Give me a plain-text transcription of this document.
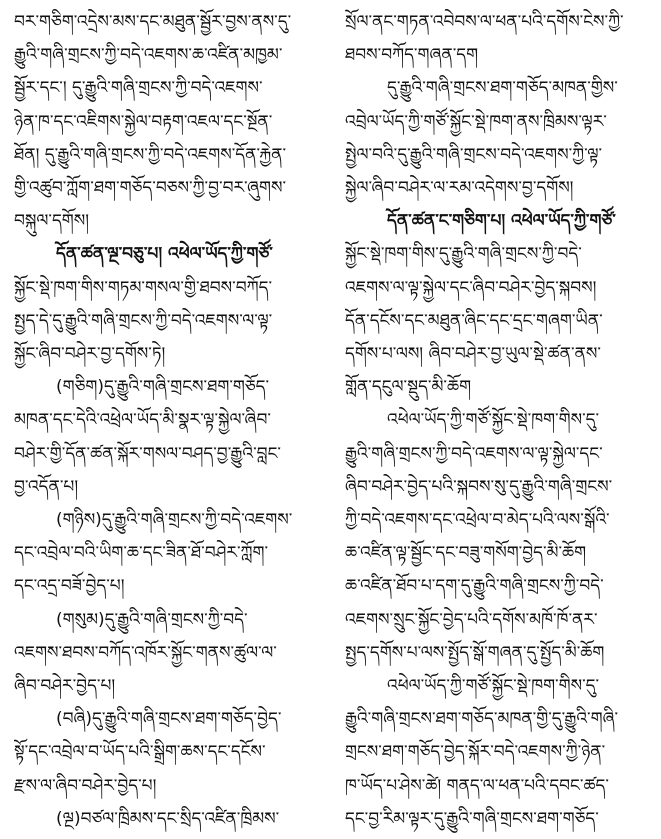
བར་གཅིག་འདྲེས་མས་དང་མཐུན་སྦྱོར་བྱས་ནས་དུ་
རྒྱུའི་གཞི་གྲངས་ཀྱི་བདེ་འཇགས་ཆ་འཛིན་མཁྱམ་
སྦྱོར་དང་། དུ་རྒྱུའི་གཞི་གྲངས་ཀྱི་བདེ་འཇགས་
ཉེན་ཁ་དང་འཇིགས་སྐྱེལ་བརྟག་འཇལ་དང་སྔོན་
ཐོན། དུ་རྒྱུའི་གཞི་གྲངས་ཀྱི་བདེ་འཇགས་དོན་རྐྱེན་
གྱི་འཚུབ་ཀློག་ཐག་གཅོད་བཅས་ཀྱི་བྱ་བར་ཞུགས་
བསྐུལ་དགོས།
དོན་ཚན་ལྔ་བཅུ་པ། འཕེལ་ཡོད་ཀྱི་གཙོ་
སྐྱོང་སྡེ་ཁག་གིས་གཏམ་གསལ་གྱི་ཐབས་བཀོད་
སྤྱད་དེ་དུ་རྒྱུའི་གཞི་གྲངས་ཀྱི་བདེ་འཇགས་ལ་ལྟ་
སྐྱོང་ཞིབ་བཤེར་བྱ་དགོས་ཏེ།
(གཅིག)དུ་རྒྱུའི་གཞི་གྲངས་ཐག་གཅོད་
མཁན་དང་དེའི་འཕྲེལ་ཡོད་མི་སྣར་ལྟ་སྐྱེལ་ཞིབ་
བཤེར་གྱི་དོན་ཚན་སྐོར་གསལ་བཤད་བྱ་རྒྱུའི་བླང་
བྱ་འདོན་པ།
(གཉིས)དུ་རྒྱུའི་གཞི་གྲངས་ཀྱི་བདེ་འཇགས་
དང་འབྲེལ་བའི་ཡིག་ཆ་དང་ཟིན་ཐོ་བཤེར་ཀློག་
དང་འདྲ་བཟོ་བྱེད་པ།
(གསུམ)དུ་རྒྱུའི་གཞི་གྲངས་ཀྱི་བདེ་
འཇགས་ཐབས་བཀོད་འཁོར་སྐྱོང་གནས་ཚུལ་ལ་
ཞིབ་བཤེར་བྱེད་པ།
(བཞི)དུ་རྒྱུའི་གཞི་གྲངས་ཐག་གཅོད་བྱེད་
སྟོ་དང་འབྲེལ་བ་ཡོད་པའི་སྒྲིག་ཆས་དང་དངོས་
རྫས་ལ་ཞིབ་བཤེར་བྱེད་པ།
(ལྔ)བཙལ་ཁྲིམས་དང་སྲིད་འཛིན་ཁྲིམས་
སྲོལ་ནང་གཏན་འབེབས་ལ་ཕན་པའི་དགོས་ངེས་ཀྱི་
ཐབས་བཀོད་གཞན་དག
དུ་རྒྱུའི་གཞི་གྲངས་ཐག་གཅོད་མཁན་གྱིས་
འབྲེལ་ཡོད་ཀྱི་གཙོ་སྐྱོང་སྡེ་ཁག་ནས་ཁྲིམས་ལྟར་
སྤྱེལ་བའི་དུ་རྒྱུའི་གཞི་གྲངས་བདེ་འཇགས་ཀྱི་ལྟ་
སྐྱེལ་ཞིབ་བཤེར་ལ་རམ་འདེགས་བྱ་དགོས།
དོན་ཚན་ང་གཅིག་པ། འཕེལ་ཡོད་ཀྱི་གཙོ་
སྐྱོང་སྡེ་ཁག་གིས་དུ་རྒྱུའི་གཞི་གྲངས་ཀྱི་བདེ་
འཇགས་ལ་ལྟ་སྐྱེལ་དང་ཞིབ་བཤེར་བྱེད་སྐབས།
དོན་དངོས་དང་མཐུན་ཞིང་དང་དྲང་གཞག་ཡིན་
དགོས་པ་ལས། ཞིབ་བཤེར་བྱ་ཡུལ་སྡེ་ཚན་ནས་
གློན་དངུལ་སྡུད་མི་ཆོག
འཕེལ་ཡོད་ཀྱི་གཙོ་སྐྱོང་སྡེ་ཁག་གིས་དུ་
རྒྱུའི་གཞི་གྲངས་ཀྱི་བདེ་འཇགས་ལ་ལྟ་སྐྱེལ་དང་
ཞིབ་བཤེར་བྱེད་པའི་སྐབས་སུ་དུ་རྒྱུའི་གཞི་གྲངས་
ཀྱི་བདེ་འཇགས་དང་འཕྲེལ་བ་མེད་པའི་ལས་སྒོའི་
ཆ་འཛིན་ལྟ་སྦྱོང་དང་བཟུ་གསོག་བྱེད་མི་ཆོག
ཆ་འཛིན་ཐོབ་པ་དག་དུ་རྒྱུའི་གཞི་གྲངས་ཀྱི་བདེ་
འཇགས་སྲུང་སྐྱོང་བྱེད་པའི་དགོས་མཁོ་ཁོ་ནར་
སྤྱད་དགོས་པ་ལས་སྤྱོད་སྒོ་གཞན་དུ་སྤྱོད་མི་ཆོག
འཕེལ་ཡོད་ཀྱི་གཙོ་སྐྱོང་སྡེ་ཁག་གིས་དུ་
རྒྱུའི་གཞི་གྲངས་ཐག་གཅོད་མཁན་གྱི་དུ་རྒྱུའི་གཞི་
གྲངས་ཐག་གཅོད་བྱེད་སྐོར་བདེ་འཇགས་ཀྱི་ཉེན་
ཁ་ཡོད་པ་ཤེས་ཚེ། གནད་ལ་ཕན་པའི་དབང་ཚད་
དང་བྱ་རིམ་ལྟར་དུ་རྒྱུའི་གཞི་གྲངས་ཐག་གཅོད་
